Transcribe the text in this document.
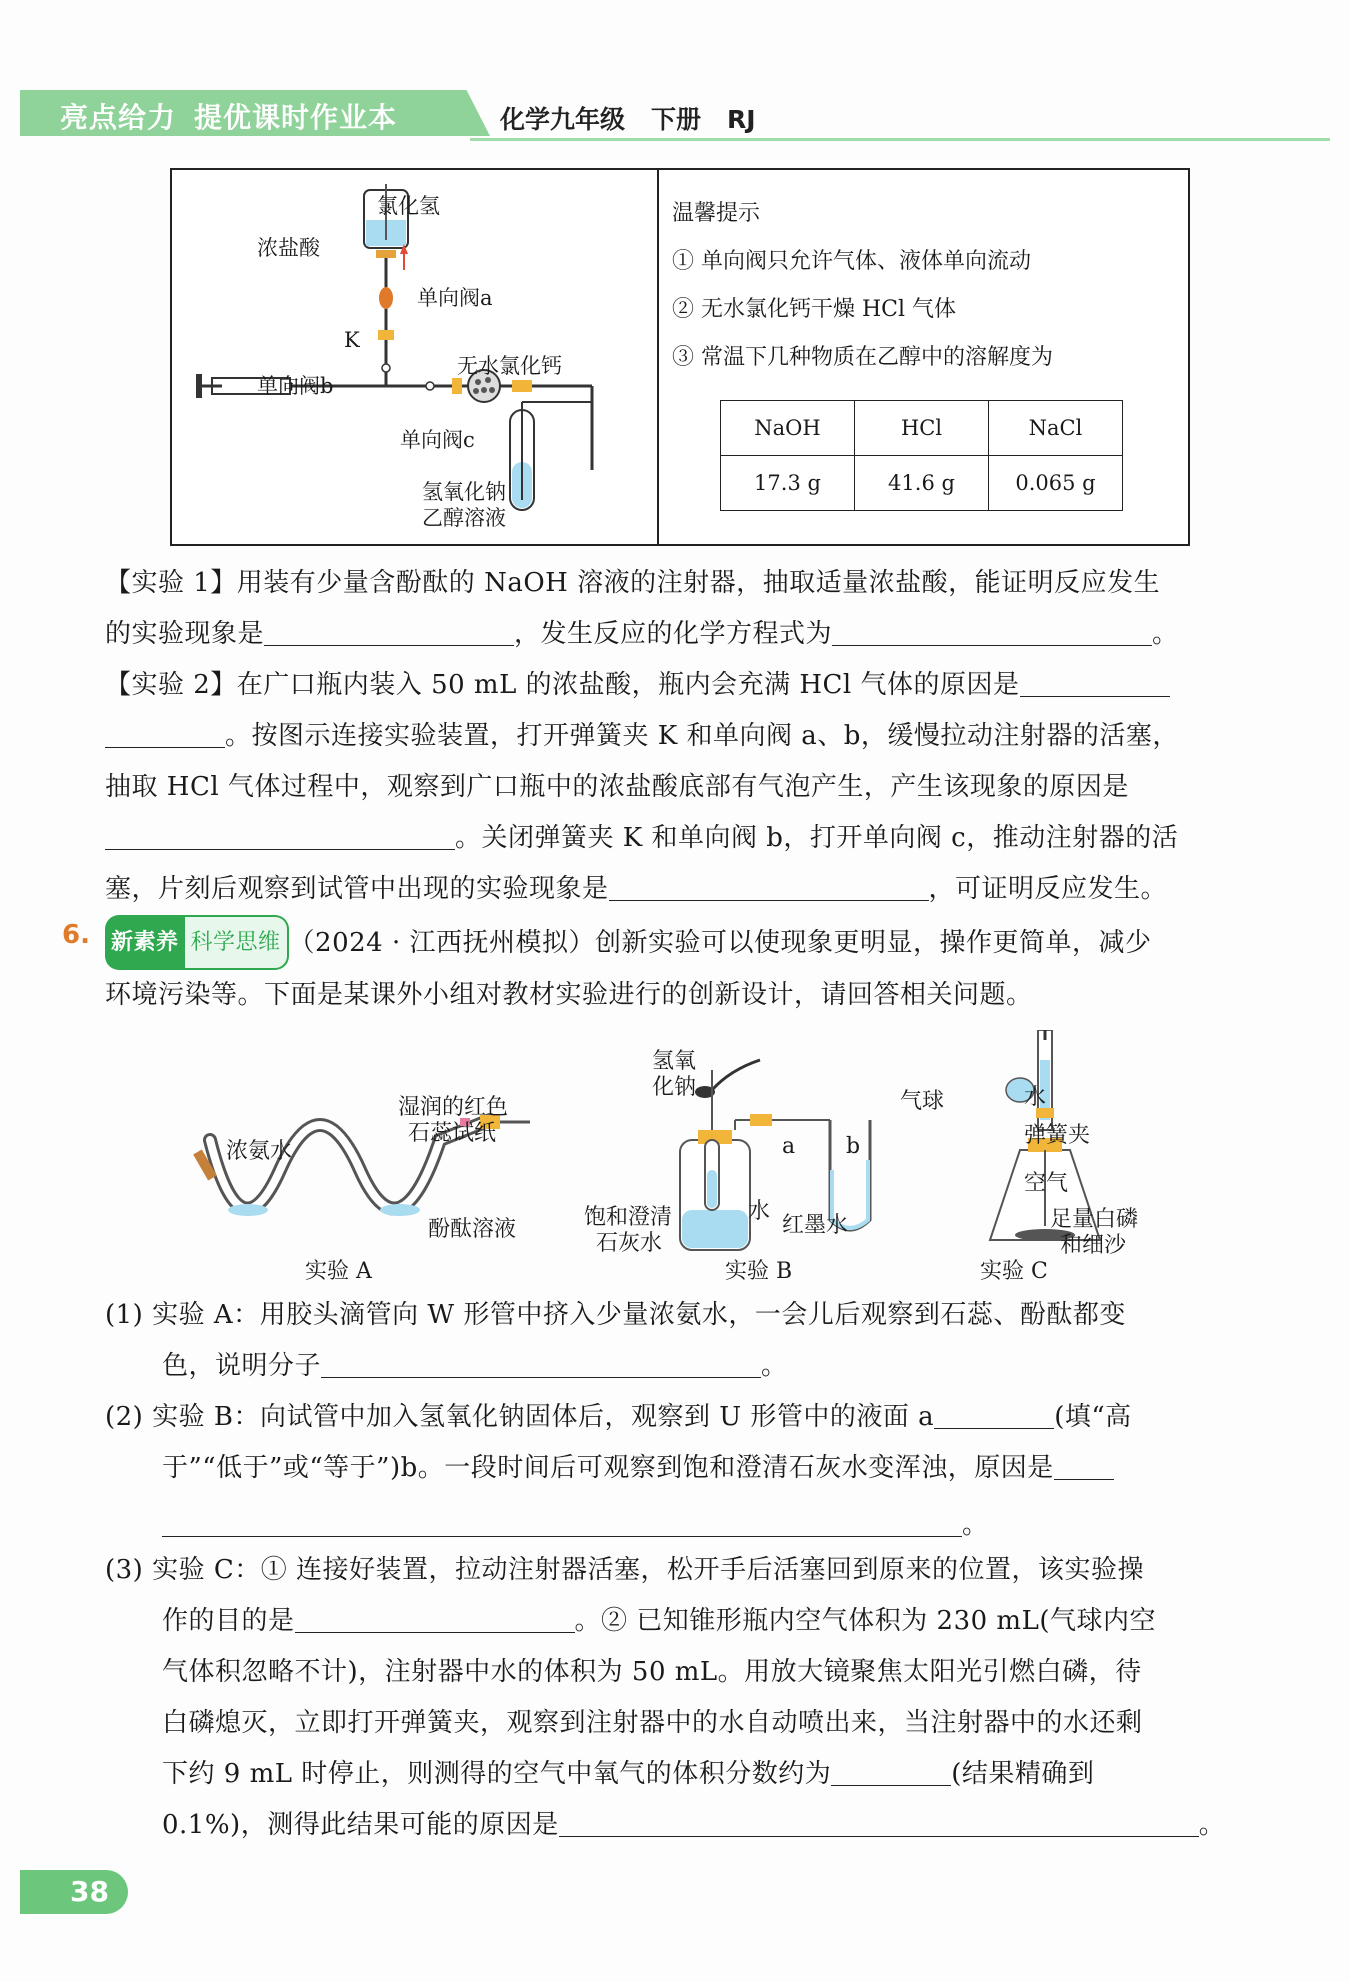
亮点给力 提优课时作业本	化学九年级 下册 RJ
氯化氢
浓盐酸
单向阀a
K
单向阀b
无水氯化钙
单向阀c
氢氧化钠
乙醇溶液
温馨提示
① 单向阀只允许气体、液体单向流动
② 无水氯化钙干燥 HCl 气体
③ 常温下几种物质在乙醇中的溶解度为
NaOH	HCl	NaCl
17.3 g	41.6 g	0.065 g
【实验 1】用装有少量含酚酞的 NaOH 溶液的注射器，抽取适量浓盐酸，能证明反应发生
的实验现象是	，发生反应的化学方程式为	。
【实验 2】在广口瓶内装入 50 mL 的浓盐酸，瓶内会充满 HCl 气体的原因是
。按图示连接实验装置，打开弹簧夹 K 和单向阀 a、b，缓慢拉动注射器的活塞，
抽取 HCl 气体过程中，观察到广口瓶中的浓盐酸底部有气泡产生，产生该现象的原因是
。关闭弹簧夹 K 和单向阀 b，打开单向阀 c，推动注射器的活
塞，片刻后观察到试管中出现的实验现象是	，可证明反应发生。
6. 新素养 科学思维 （2024 · 江西抚州模拟）创新实验可以使现象更明显，操作更简单，减少
环境污染等。下面是某课外小组对教材实验进行的创新设计，请回答相关问题。
湿润的红色
石蕊试纸
浓氨水
酚酞溶液
实验 A
氢氧
化钠
a b
饱和澄清
石灰水
水
红墨水
实验 B
气球	水
弹簧夹
空气
足量白磷
和细沙
实验 C
(1) 实验 A：用胶头滴管向 W 形管中挤入少量浓氨水，一会儿后观察到石蕊、酚酞都变
色，说明分子	。
(2) 实验 B：向试管中加入氢氧化钠固体后，观察到 U 形管中的液面 a	(填“高
于”“低于”或“等于”)b。一段时间后可观察到饱和澄清石灰水变浑浊，原因是
。
(3) 实验 C：① 连接好装置，拉动注射器活塞，松开手后活塞回到原来的位置，该实验操
作的目的是	。② 已知锥形瓶内空气体积为 230 mL(气球内空
气体积忽略不计)，注射器中水的体积为 50 mL。用放大镜聚焦太阳光引燃白磷，待
白磷熄灭，立即打开弹簧夹，观察到注射器中的水自动喷出来，当注射器中的水还剩
下约 9 mL 时停止，则测得的空气中氧气的体积分数约为	(结果精确到
0.1%)，测得此结果可能的原因是	。
38
